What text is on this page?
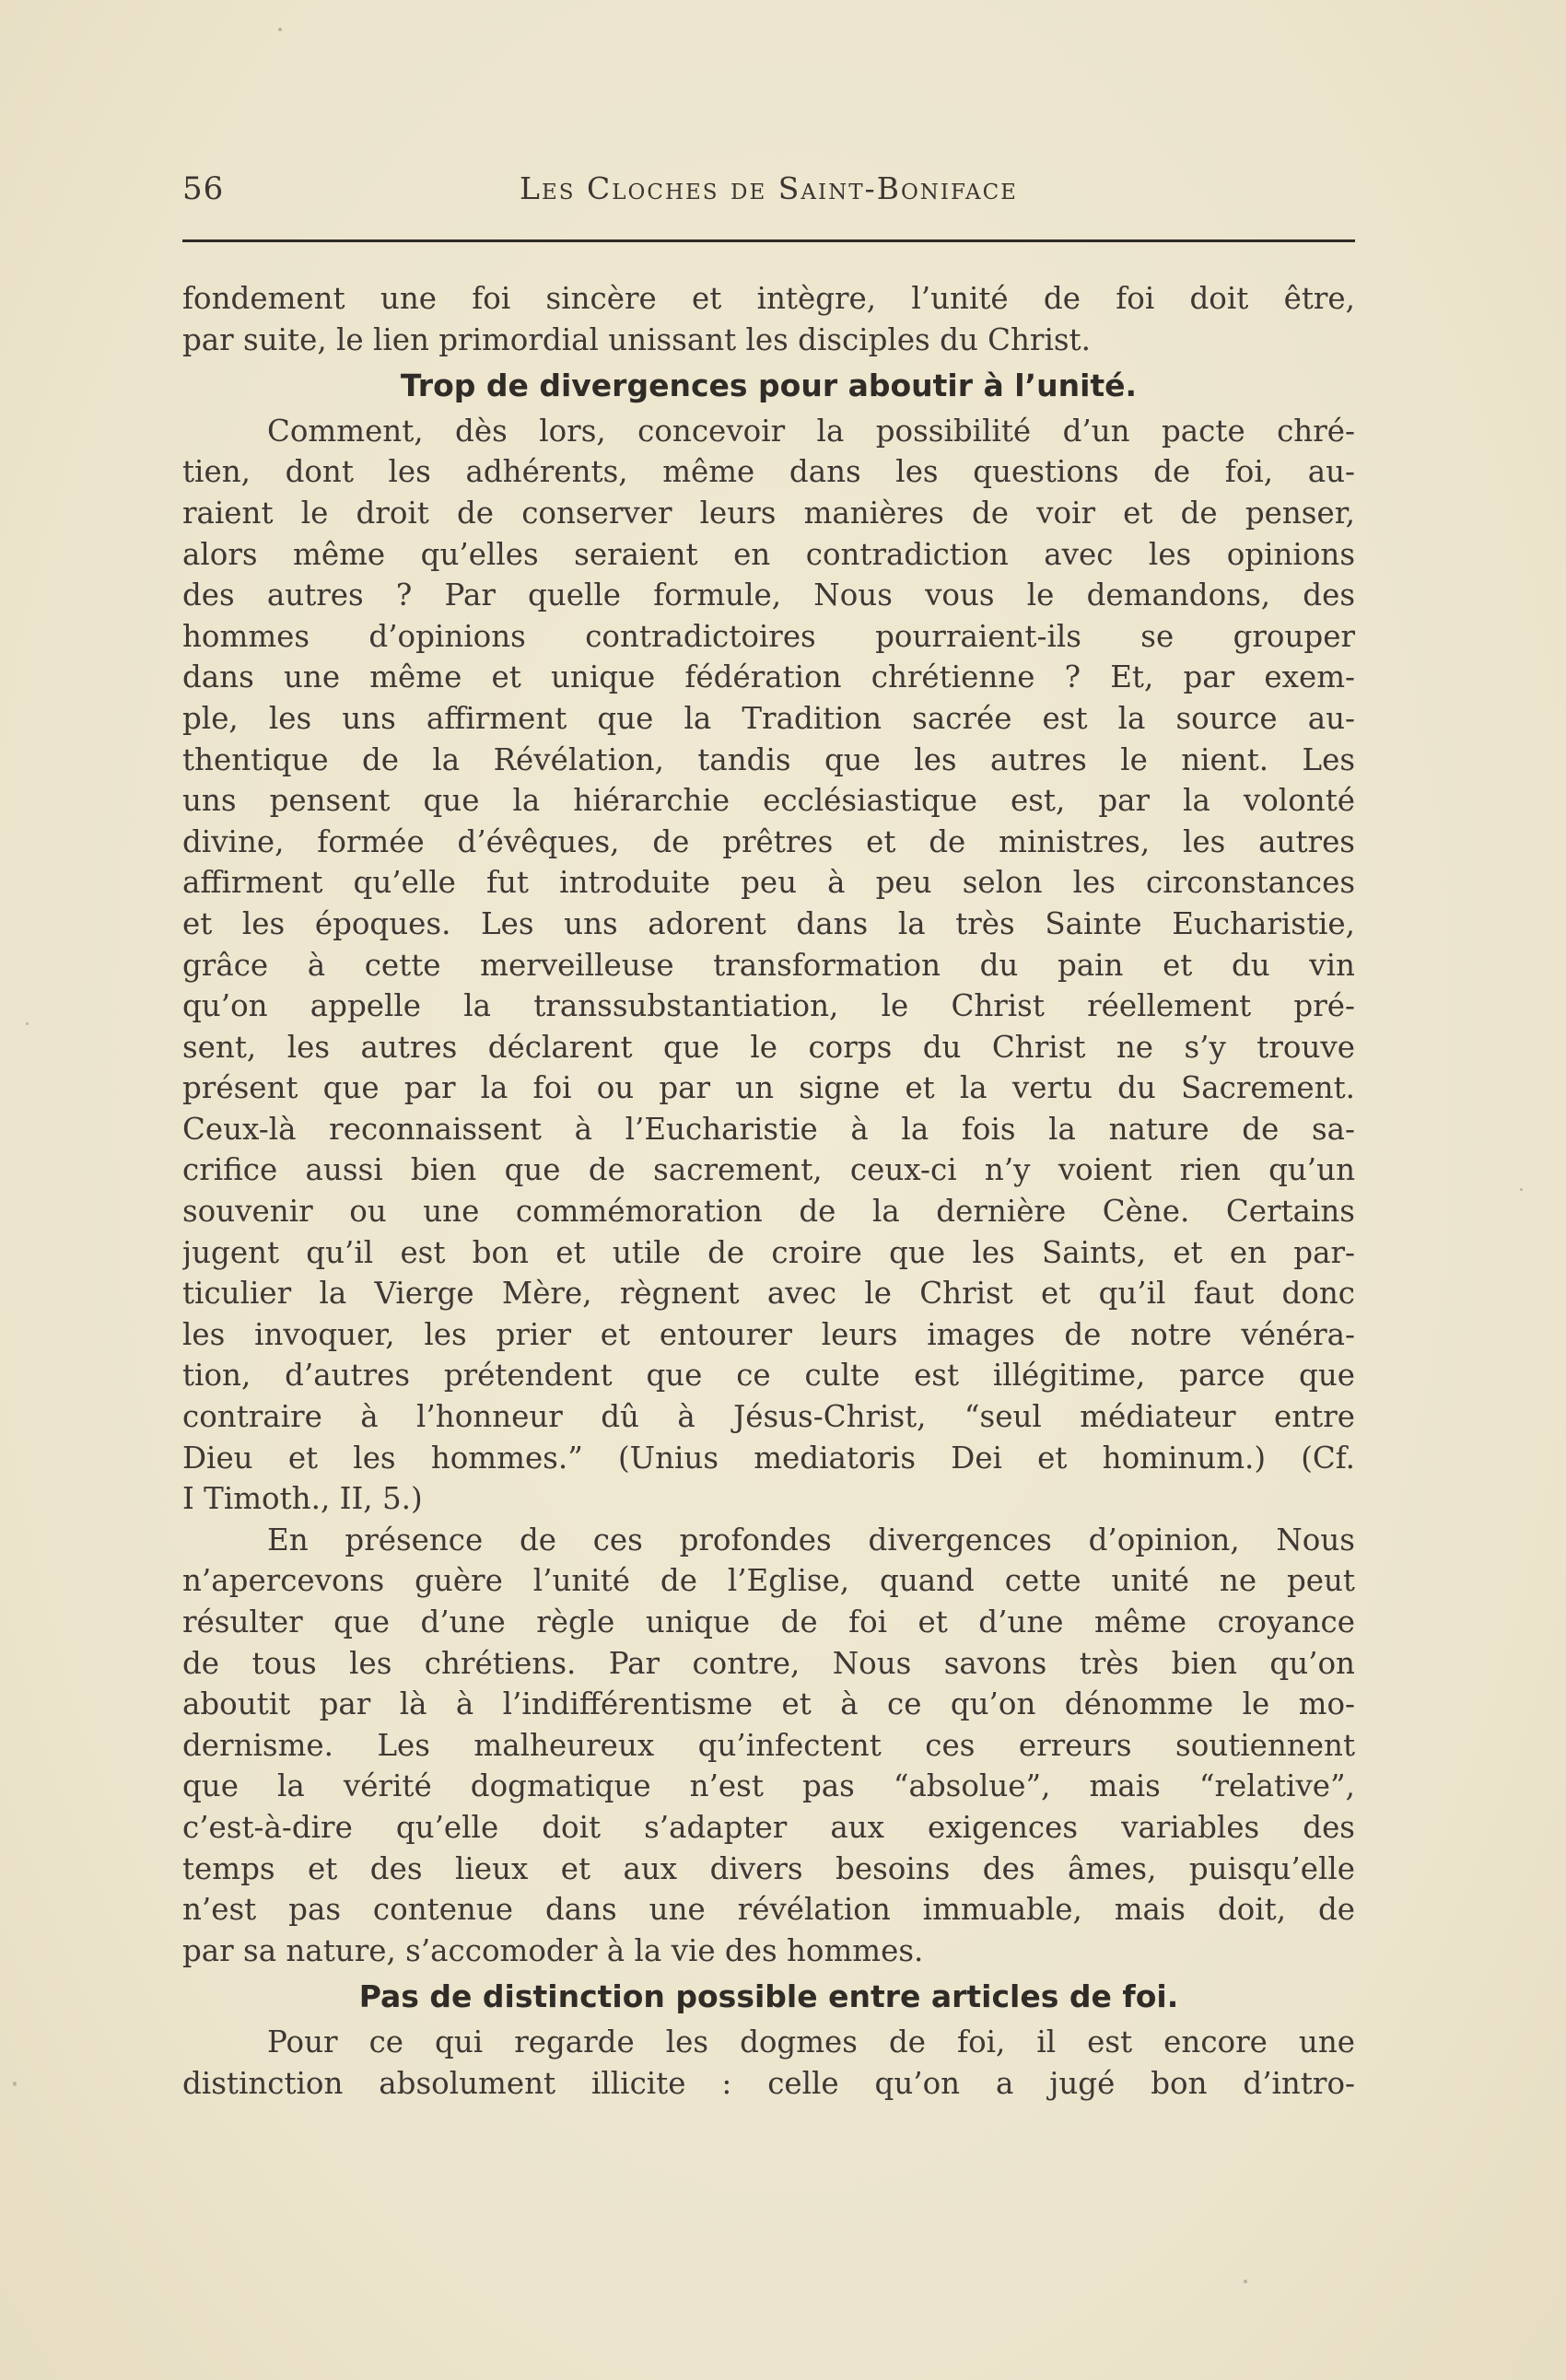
56	Les Cloches de Saint-Boniface
fondement une foi sincère et intègre, l’unité de foi doit être,
par suite, le lien primordial unissant les disciples du Christ.
Trop de divergences pour aboutir à l’unité.
Comment, dès lors, concevoir la possibilité d’un pacte chré-
tien, dont les adhérents, même dans les questions de foi, au-
raient le droit de conserver leurs manières de voir et de penser,
alors même qu’elles seraient en contradiction avec les opinions
des autres ? Par quelle formule, Nous vous le demandons, des
hommes d’opinions contradictoires pourraient-ils se grouper
dans une même et unique fédération chrétienne ? Et, par exem-
ple, les uns affirment que la Tradition sacrée est la source au-
thentique de la Révélation, tandis que les autres le nient. Les
uns pensent que la hiérarchie ecclésiastique est, par la volonté
divine, formée d’évêques, de prêtres et de ministres, les autres
affirment qu’elle fut introduite peu à peu selon les circonstances
et les époques. Les uns adorent dans la très Sainte Eucharistie,
grâce à cette merveilleuse transformation du pain et du vin
qu’on appelle la transsubstantiation, le Christ réellement pré-
sent, les autres déclarent que le corps du Christ ne s’y trouve
présent que par la foi ou par un signe et la vertu du Sacrement.
Ceux-là reconnaissent à l’Eucharistie à la fois la nature de sa-
crifice aussi bien que de sacrement, ceux-ci n’y voient rien qu’un
souvenir ou une commémoration de la dernière Cène. Certains
jugent qu’il est bon et utile de croire que les Saints, et en par-
ticulier la Vierge Mère, règnent avec le Christ et qu’il faut donc
les invoquer, les prier et entourer leurs images de notre vénéra-
tion, d’autres prétendent que ce culte est illégitime, parce que
contraire à l’honneur dû à Jésus-Christ, “seul médiateur entre
Dieu et les hommes.” (Unius mediatoris Dei et hominum.) (Cf.
I Timoth., II, 5.)
En présence de ces profondes divergences d’opinion, Nous
n’apercevons guère l’unité de l’Eglise, quand cette unité ne peut
résulter que d’une règle unique de foi et d’une même croyance
de tous les chrétiens. Par contre, Nous savons très bien qu’on
aboutit par là à l’indifférentisme et à ce qu’on dénomme le mo-
dernisme. Les malheureux qu’infectent ces erreurs soutiennent
que la vérité dogmatique n’est pas “absolue”, mais “relative”,
c’est-à-dire qu’elle doit s’adapter aux exigences variables des
temps et des lieux et aux divers besoins des âmes, puisqu’elle
n’est pas contenue dans une révélation immuable, mais doit, de
par sa nature, s’accomoder à la vie des hommes.
Pas de distinction possible entre articles de foi.
Pour ce qui regarde les dogmes de foi, il est encore une
distinction absolument illicite : celle qu’on a jugé bon d’intro-
